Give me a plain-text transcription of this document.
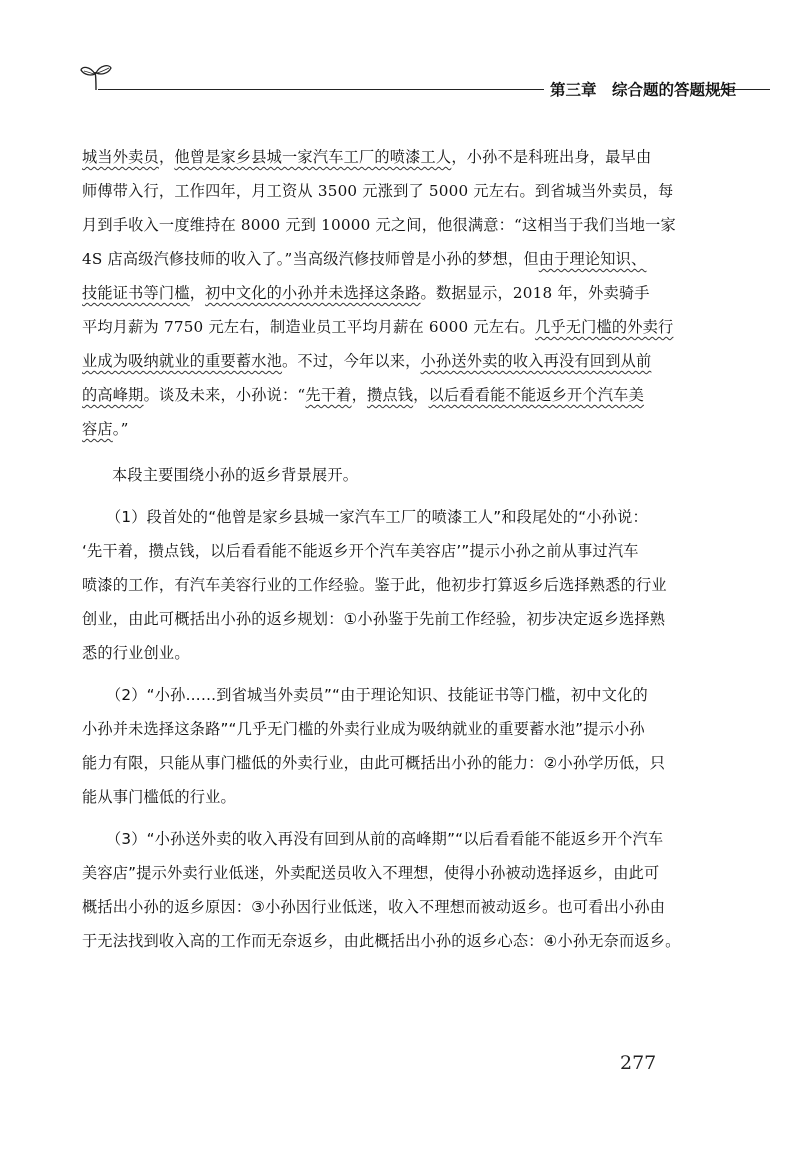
第三章　 综合题的答题规矩
城当外卖员，他曾是家乡县城一家汽车工厂的喷漆工人，小孙不是科班出身，最早由
师傅带入行，工作四年，月工资从 3500 元涨到了 5000 元左右。到省城当外卖员，每
月到手收入一度维持在 8000 元到 10000 元之间，他很满意：“这相当于我们当地一家
4S 店高级汽修技师的收入了。”当高级汽修技师曾是小孙的梦想，但由于理论知识、
技能证书等门槛，初中文化的小孙并未选择这条路。数据显示，2018 年，外卖骑手
平均月薪为 7750 元左右，制造业员工平均月薪在 6000 元左右。几乎无门槛的外卖行
业成为吸纳就业的重要蓄水池。不过，今年以来，小孙送外卖的收入再没有回到从前
的高峰期。谈及未来，小孙说：“先干着，攒点钱，以后看看能不能返乡开个汽车美
容店。”
本段主要围绕小孙的返乡背景展开。
（1）段首处的“他曾是家乡县城一家汽车工厂的喷漆工人”和段尾处的“小孙说：
‘先干着，攒点钱，以后看看能不能返乡开个汽车美容店’”提示小孙之前从事过汽车
喷漆的工作，有汽车美容行业的工作经验。鉴于此，他初步打算返乡后选择熟悉的行业
创业，由此可概括出小孙的返乡规划：①小孙鉴于先前工作经验，初步决定返乡选择熟
悉的行业创业。
（2）“小孙……到省城当外卖员”“由于理论知识、技能证书等门槛，初中文化的
小孙并未选择这条路”“几乎无门槛的外卖行业成为吸纳就业的重要蓄水池”提示小孙
能力有限，只能从事门槛低的外卖行业，由此可概括出小孙的能力：②小孙学历低，只
能从事门槛低的行业。
（3）“小孙送外卖的收入再没有回到从前的高峰期”“以后看看能不能返乡开个汽车
美容店”提示外卖行业低迷，外卖配送员收入不理想，使得小孙被动选择返乡，由此可
概括出小孙的返乡原因：③小孙因行业低迷，收入不理想而被动返乡。也可看出小孙由
于无法找到收入高的工作而无奈返乡，由此概括出小孙的返乡心态：④小孙无奈而返乡。
277
